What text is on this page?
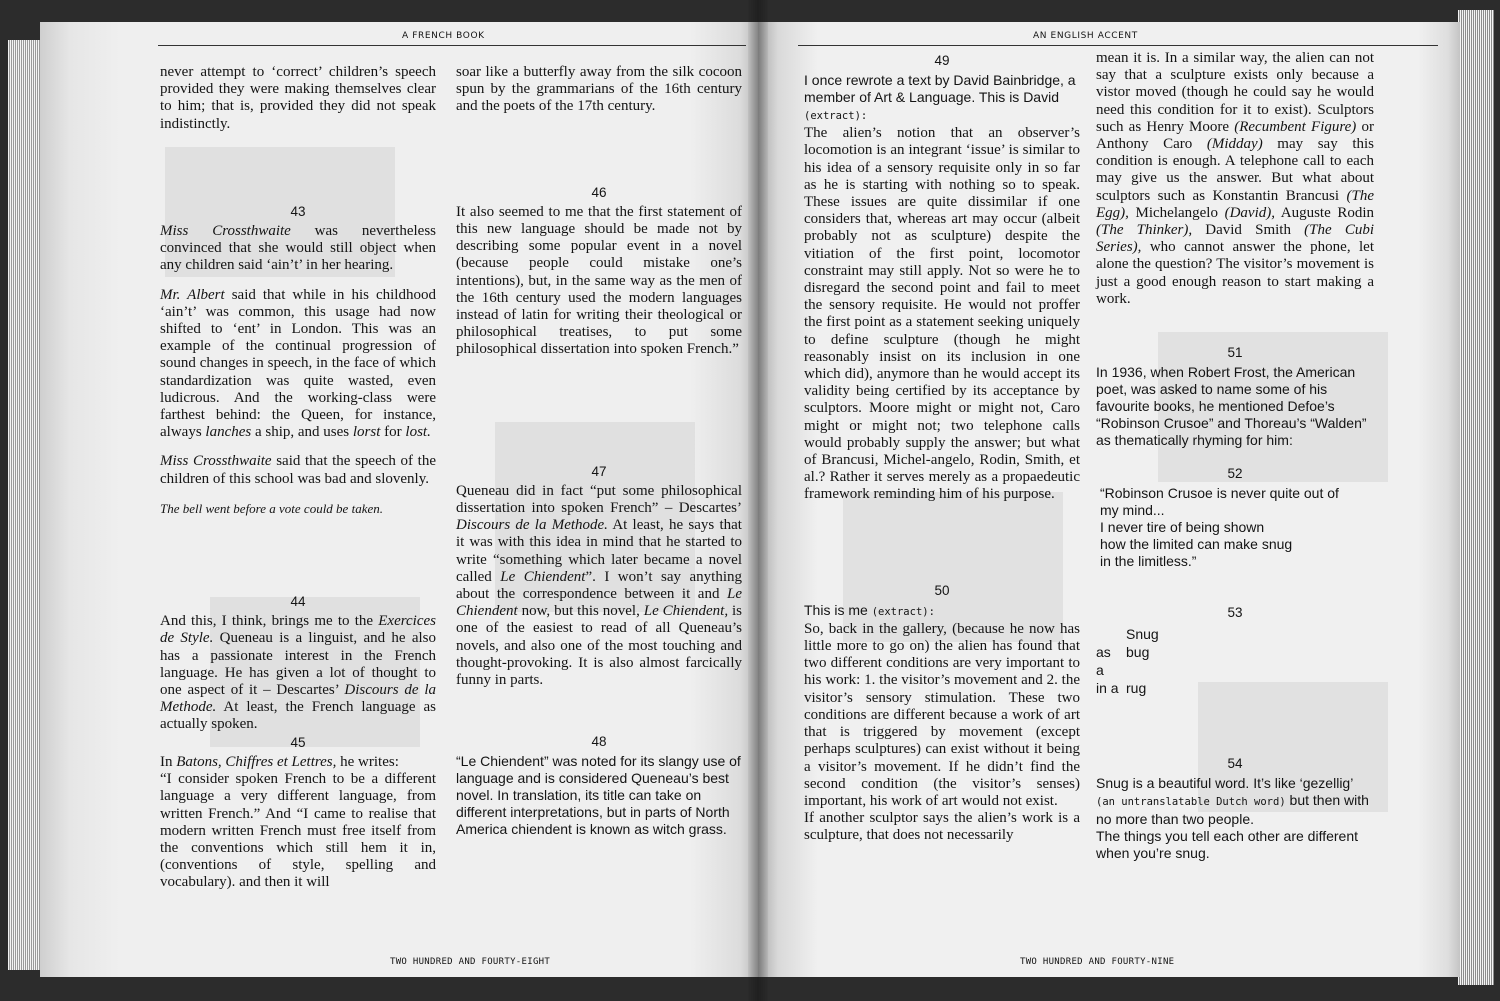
A FRENCH BOOK

never attempt to ‘correct’ children’s speech provided they were making themselves clear to him; that is, provided they did not speak indistinctly.

43

Miss Crossthwaite was nevertheless convinced that she would still object when any children said ‘ain’t’ in her hearing.

Mr. Albert said that while in his childhood ‘ain’t’ was common, this usage had now shifted to ‘ent’ in London. This was an example of the continual progression of sound changes in speech, in the face of which standardization was quite wasted, even ludicrous. And the working-class were farthest behind: the Queen, for instance, always lanches a ship, and uses lorst for lost.

Miss Crossthwaite said that the speech of the children of this school was bad and slovenly.

The bell went before a vote could be taken.

44

And this, I think, brings me to the Exercices de Style. Queneau is a linguist, and he also has a passionate interest in the French language. He has given a lot of thought to one aspect of it – Descartes’ Discours de la Methode. At least, the French language as actually spoken.

45

In Batons, Chiffres et Lettres, he writes:

“I consider spoken French to be a different language a very different language, from written French.” And “I came to realise that modern written French must free itself from the conventions which still hem it in, (conventions of style, spelling and vocabulary). and then it will

soar like a butterfly away from the silk cocoon spun by the grammarians of the 16th century and the poets of the 17th century.

46

It also seemed to me that the first statement of this new language should be made not by describing some popular event in a novel (because people could mistake one’s intentions), but, in the same way as the men of the 16th century used the modern languages instead of latin for writing their theological or philosophical treatises, to put some philosophical dissertation into spoken French.”

47

Queneau did in fact “put some philosophical dissertation into spoken French” – Descartes’ Discours de la Methode. At least, he says that it was with this idea in mind that he started to write “something which later became a novel called Le Chiendent”. I won’t say anything about the correspondence between it and Le Chiendent now, but this novel, Le Chiendent, is one of the easiest to read of all Queneau’s novels, and also one of the most touching and thought-provoking. It is also almost farcically funny in parts.

48

“Le Chiendent” was noted for its slangy use of language and is considered Queneau’s best novel. In translation, its title can take on different interpretations, but in parts of North America chiendent is known as witch grass.

TWO HUNDRED AND FOURTY-EIGHT
AN ENGLISH ACCENT
49

I once rewrote a text by David Bainbridge, a member of Art & Language. This is David (extract):

The alien’s notion that an observer’s locomotion is an integrant ‘issue’ is similar to his idea of a sensory requisite only in so far as he is starting with nothing so to speak. These issues are quite dissimilar if one considers that, whereas art may occur (albeit probably not as sculpture) despite the vitiation of the first point, locomotor constraint may still apply. Not so were he to disregard the second point and fail to meet the sensory requisite. He would not proffer the first point as a statement seeking uniquely to define sculpture (though he might reasonably insist on its inclusion in one which did), anymore than he would accept its validity being certified by its acceptance by sculptors. Moore might or might not, Caro might or might not; two telephone calls would probably supply the answer; but what of Brancusi, Michel-angelo, Rodin, Smith, et al.? Rather it serves merely as a propaedeutic framework reminding him of his purpose.

50

This is me (extract):

So, back in the gallery, (because he now has little more to go on) the alien has found that two different conditions are very important to his work: 1. the visitor’s movement and 2. the visitor’s sensory stimulation. These two conditions are different because a work of art that is triggered by movement (except perhaps sculptures) can exist without it being a visitor’s movement. If he didn’t find the second condition (the visitor’s senses) important, his work of art would not exist.

If another sculptor says the alien’s work is a sculpture, that does not necessarily

mean it is. In a similar way, the alien can not say that a sculpture exists only because a vistor moved (though he could say he would need this condition for it to exist). Sculptors such as Henry Moore (Recumbent Figure) or Anthony Caro (Midday) may say this condition is enough. A telephone call to each may give us the answer. But what about sculptors such as Konstantin Brancusi (The Egg), Michelangelo (David), Auguste Rodin (The Thinker), David Smith (The Cubi Series), who cannot answer the phone, let alone the question? The visitor’s movement is just a good enough reason to start making a work.

51

In 1936, when Robert Frost, the American poet, was asked to name some of his favourite books, he mentioned Defoe’s “Robinson Crusoe” and Thoreau’s “Walden” as thematically rhyming for him:

52

“Robinson Crusoe is never quite out of
my mind...
I never tire of being shown
how the limited can make snug
in the limitless.”

53
Snug
as a
bug
in a rug
54

Snug is a beautiful word. It’s like ‘gezellig’
(an untranslatable Dutch word) but then with no more than two people.
The things you tell each other are different when you’re snug.

TWO HUNDRED AND FOURTY-NINE
